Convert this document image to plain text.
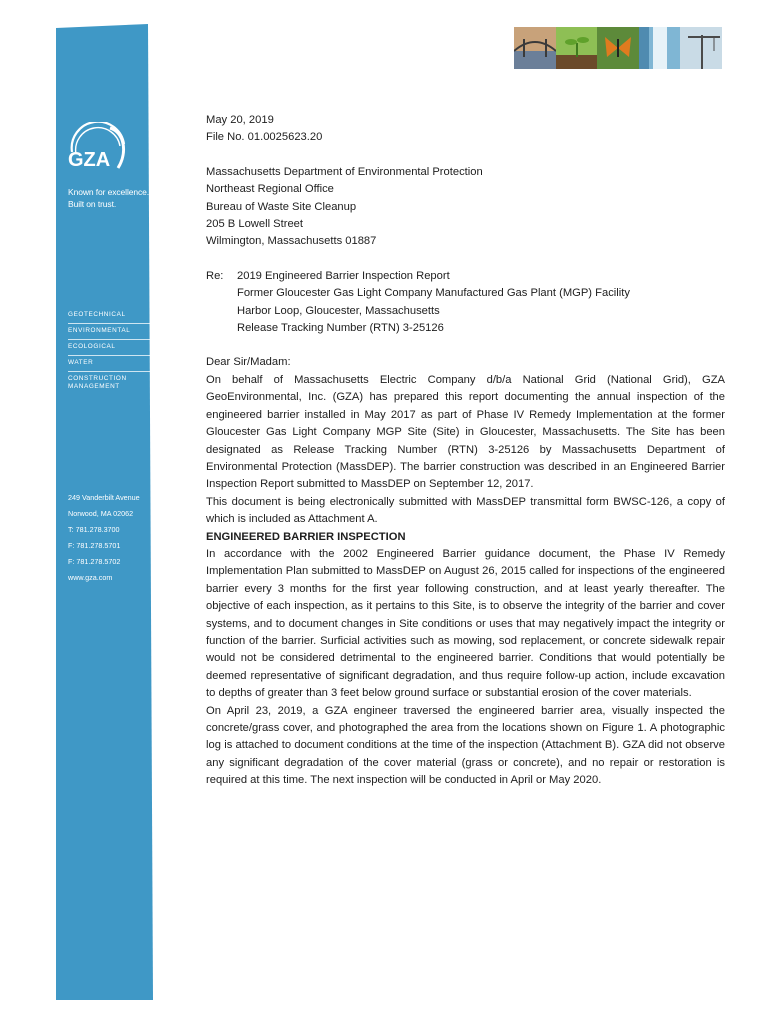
GZA
Known for excellence.
Built on trust.
GEOTECHNICAL
ENVIRONMENTAL
ECOLOGICAL
WATER
CONSTRUCTION MANAGEMENT
249 Vanderbilt Avenue
Norwood, MA 02062
T: 781.278.3700
F: 781.278.5701
F: 781.278.5702
www.gza.com

May 20, 2019

File No. 01.0025623.20

Massachusetts Department of Environmental Protection

Northeast Regional Office

Bureau of Waste Site Cleanup

205 B Lowell Street

Wilmington, Massachusetts 01887

Re:	2019 Engineered Barrier Inspection Report

Former Gloucester Gas Light Company Manufactured Gas Plant (MGP) Facility

Harbor Loop, Gloucester, Massachusetts

Release Tracking Number (RTN) 3-25126

Dear Sir/Madam:

On behalf of Massachusetts Electric Company d/b/a National Grid (National Grid), GZA GeoEnvironmental, Inc. (GZA) has prepared this report documenting the annual inspection of the engineered barrier installed in May 2017 as part of Phase IV Remedy Implementation at the former Gloucester Gas Light Company MGP Site (Site) in Gloucester, Massachusetts. The Site has been designated as Release Tracking Number (RTN) 3-25126 by Massachusetts Department of Environmental Protection (MassDEP). The barrier construction was described in an Engineered Barrier Inspection Report submitted to MassDEP on September 12, 2017.

This document is being electronically submitted with MassDEP transmittal form BWSC-126, a copy of which is included as Attachment A.

ENGINEERED BARRIER INSPECTION

In accordance with the 2002 Engineered Barrier guidance document, the Phase IV Remedy Implementation Plan submitted to MassDEP on August 26, 2015 called for inspections of the engineered barrier every 3 months for the first year following construction, and at least yearly thereafter. The objective of each inspection, as it pertains to this Site, is to observe the integrity of the barrier and cover systems, and to document changes in Site conditions or uses that may negatively impact the integrity or function of the barrier. Surficial activities such as mowing, sod replacement, or concrete sidewalk repair would not be considered detrimental to the engineered barrier. Conditions that would potentially be deemed representative of significant degradation, and thus require follow-up action, include excavation to depths of greater than 3 feet below ground surface or substantial erosion of the cover materials.

On April 23, 2019, a GZA engineer traversed the engineered barrier area, visually inspected the concrete/grass cover, and photographed the area from the locations shown on Figure 1. A photographic log is attached to document conditions at the time of the inspection (Attachment B). GZA did not observe any significant degradation of the cover material (grass or concrete), and no repair or restoration is required at this time. The next inspection will be conducted in April or May 2020.
